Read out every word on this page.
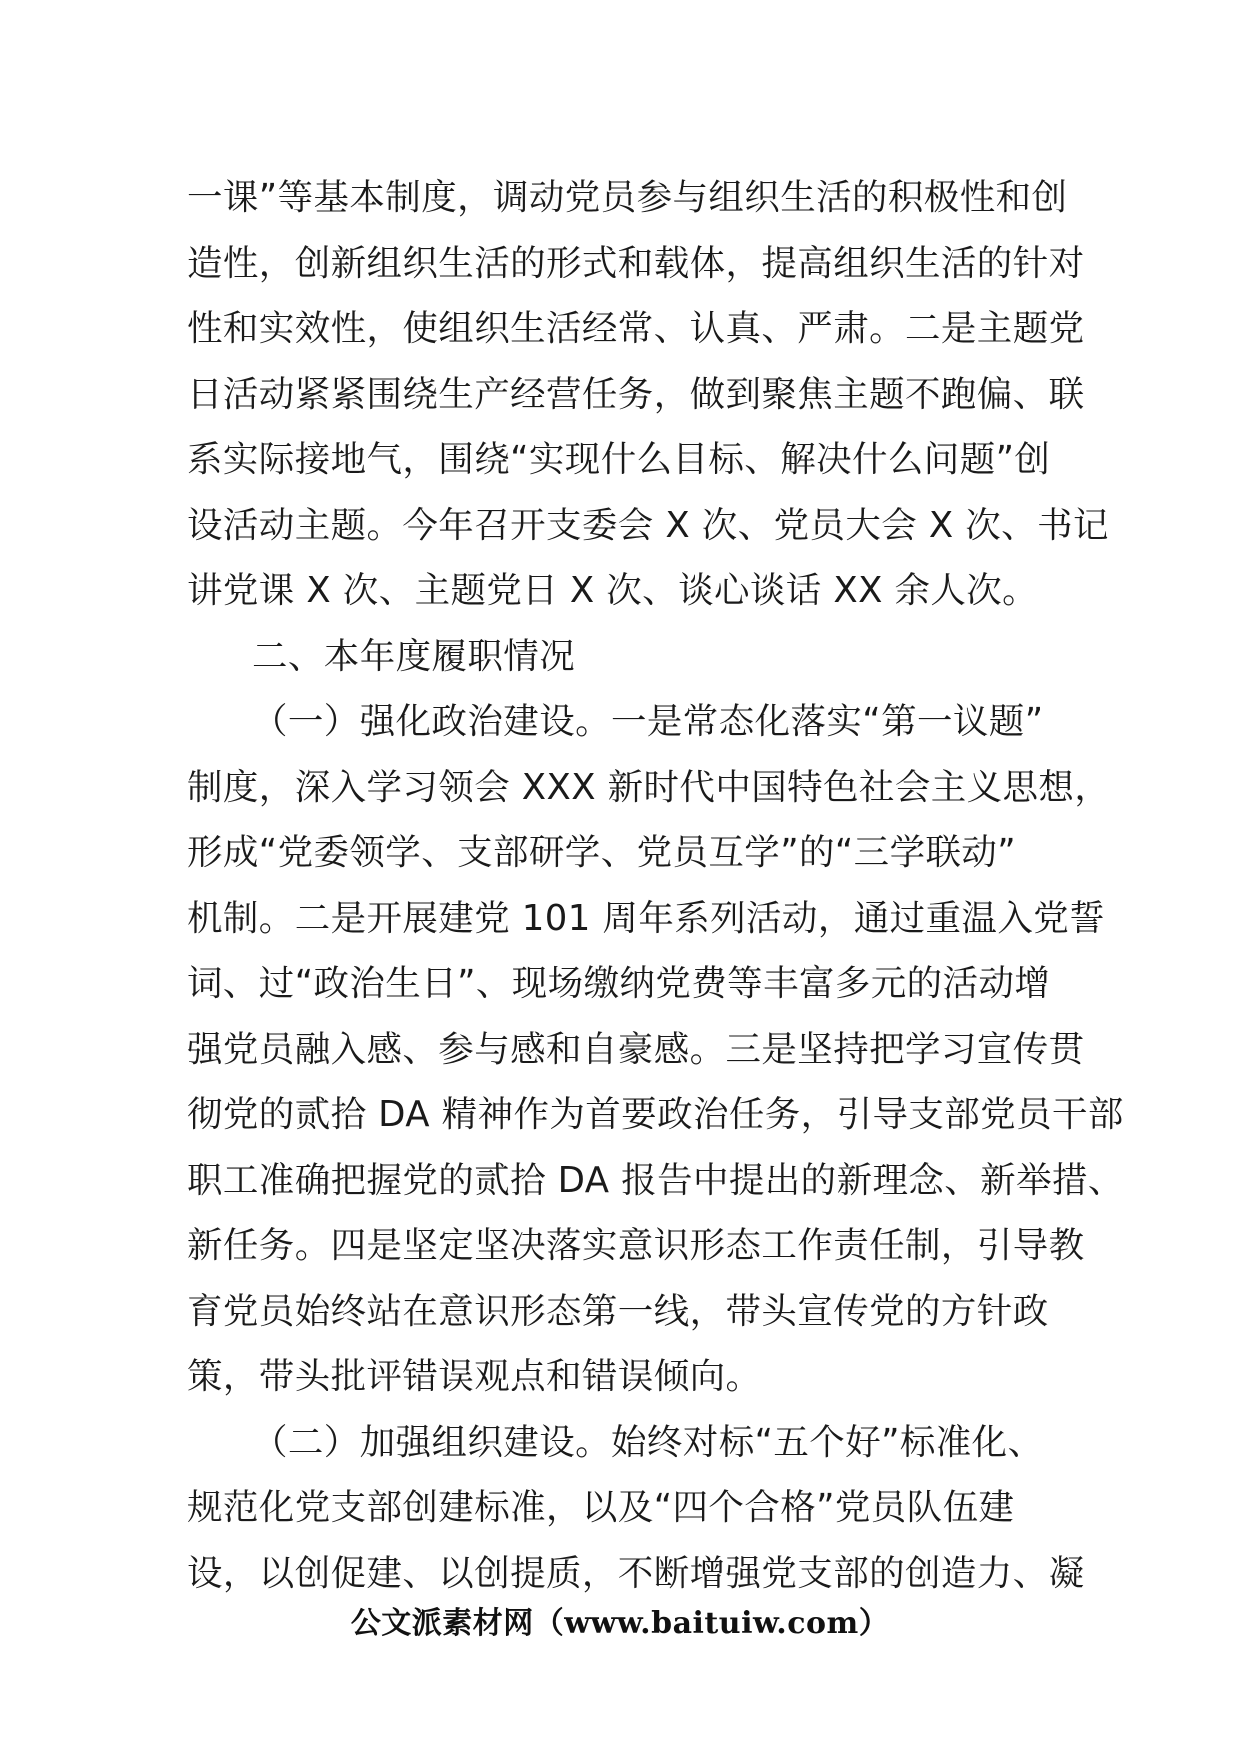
一课”等基本制度，调动党员参与组织生活的积极性和创
造性，创新组织生活的形式和载体，提高组织生活的针对
性和实效性，使组织生活经常、认真、严肃。二是主题党
日活动紧紧围绕生产经营任务，做到聚焦主题不跑偏、联
系实际接地气，围绕“实现什么目标、解决什么问题”创
设活动主题。今年召开支委会 X 次、党员大会 X 次、书记
讲党课 X 次、主题党日 X 次、谈心谈话 XX 余人次。
二、本年度履职情况
（一）强化政治建设。一是常态化落实“第一议题”
制度，深入学习领会 XXX 新时代中国特色社会主义思想，
形成“党委领学、支部研学、党员互学”的“三学联动”
机制。二是开展建党 101 周年系列活动，通过重温入党誓
词、过“政治生日”、现场缴纳党费等丰富多元的活动增
强党员融入感、参与感和自豪感。三是坚持把学习宣传贯
彻党的贰拾 DA 精神作为首要政治任务，引导支部党员干部
职工准确把握党的贰拾 DA 报告中提出的新理念、新举措、
新任务。四是坚定坚决落实意识形态工作责任制，引导教
育党员始终站在意识形态第一线，带头宣传党的方针政
策，带头批评错误观点和错误倾向。
（二）加强组织建设。始终对标“五个好”标准化、
规范化党支部创建标准，以及“四个合格”党员队伍建
设，以创促建、以创提质，不断增强党支部的创造力、凝
公文派素材网（www.baituiw.com）
